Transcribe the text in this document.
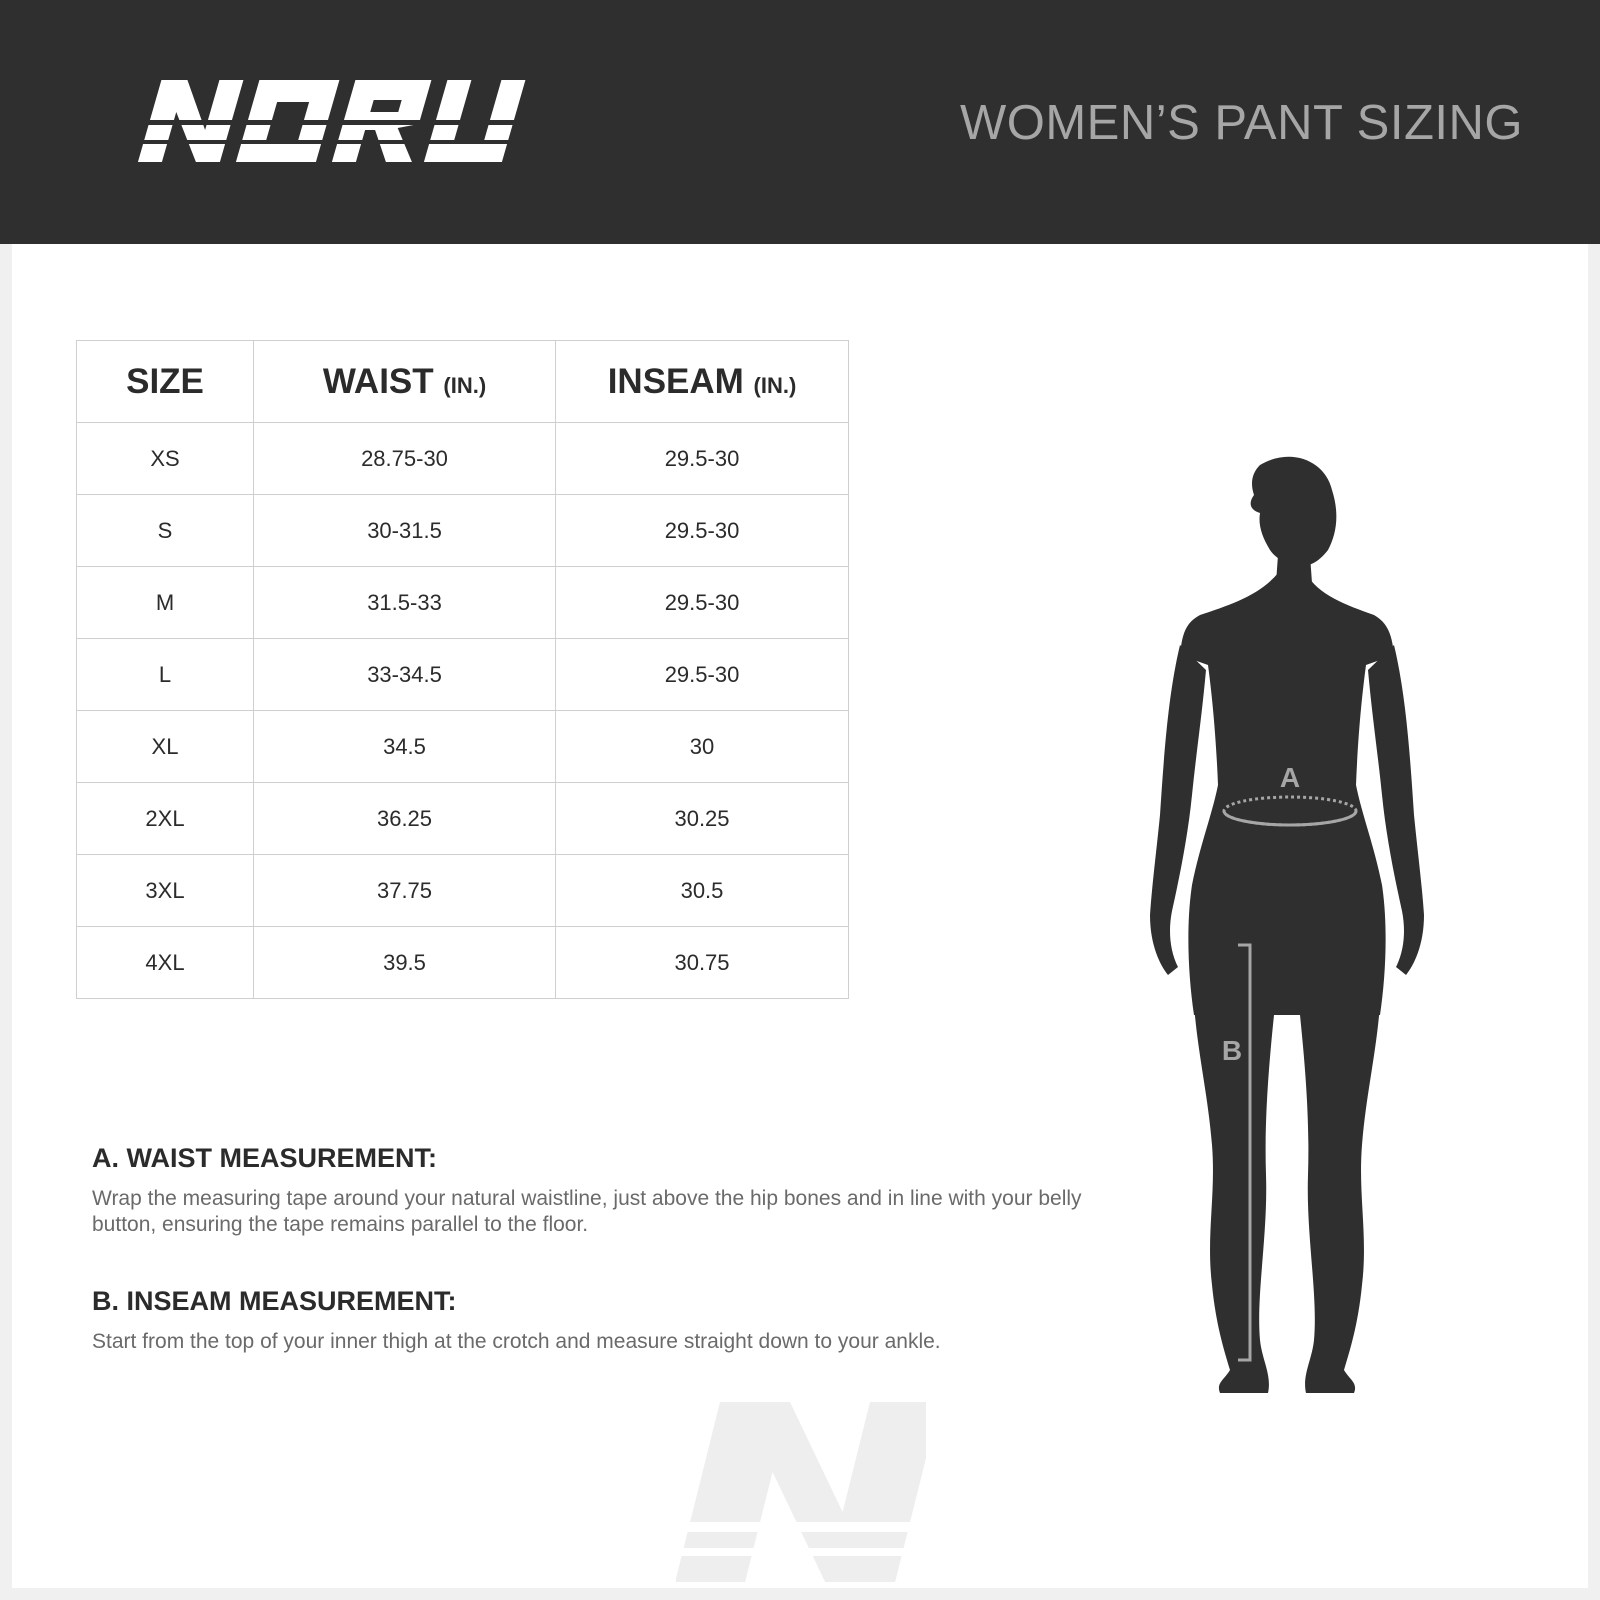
WOMEN’S PANT SIZING
SIZE	WAIST (IN.)	INSEAM (IN.)
XS	28.75-30	29.5-30
S	30-31.5	29.5-30
M	31.5-33	29.5-30
L	33-34.5	29.5-30
XL	34.5	30
2XL	36.25	30.25
3XL	37.75	30.5
4XL	39.5	30.75
A. WAIST MEASUREMENT:
Wrap the measuring tape around your natural waistline, just above the hip bones and in line with your belly button, ensuring the tape remains parallel to the floor.
B. INSEAM MEASUREMENT:
Start from the top of your inner thigh at the crotch and measure straight down to your ankle.
A
B
